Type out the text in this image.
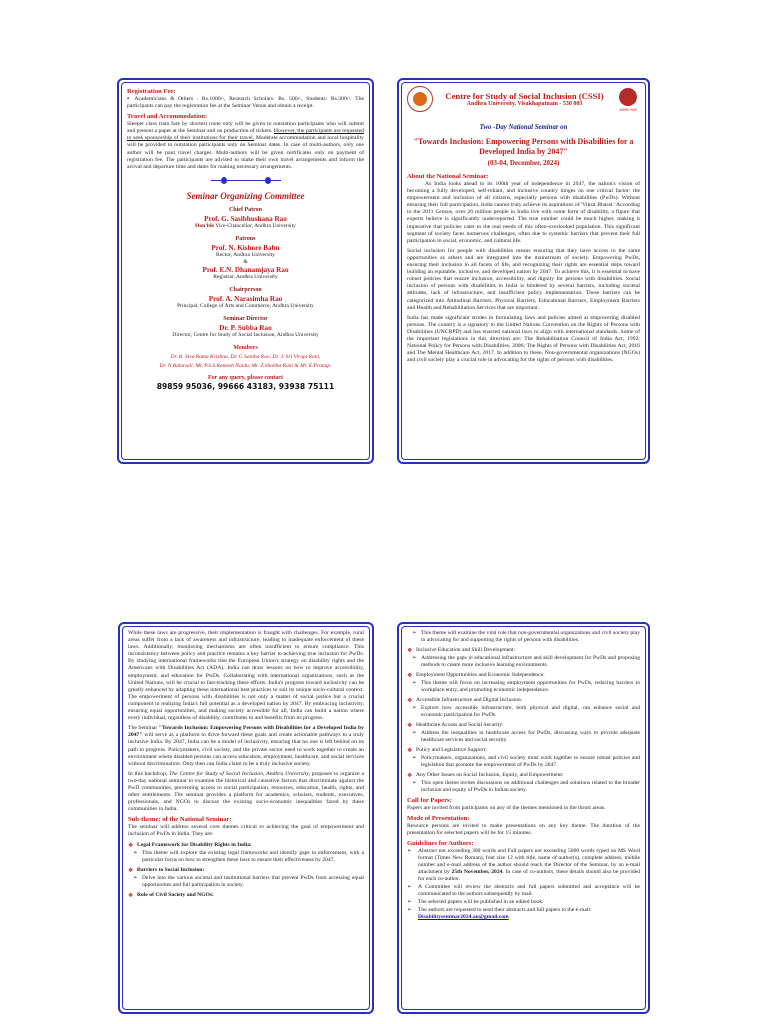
Registration Fee:
▪ Academicians & Others : Rs.1000/-, Research Scholars: Rs. 500/-, Students: Rs.300/-. The participants can pay the registration fee at the Seminar Venue and obtain a receipt.
Travel and Accommodation:
Sleeper class train fare by shortest route only will be given to outstation participants who will submit and present a paper at the Seminar and on production of tickets. However, the participants are requested to seek sponsorship of their institutions for their travel. Moderate accommodation and local hospitality will be provided to outstation participants only on Seminar dates. In case of multi-authors, only one author will be paid travel charges. Multi-authors will be given certificates only on payment of registration fee. The participants are advised to make their own travel arrangements and inform the arrival and departure time and dates for making necessary arrangements.
Seminar Organizing Committee
Chief Patron
Prof. G. Sasibhushana Rao
Hon'ble Vice-Chancellor, Andhra University
Patrons
Prof. N. Kishore Babu
Rector, Andhra University
&
Prof. E.N. Dhanamjaya Rao
Registrar, Andhra University
Chairperson
Prof. A. Narasimha Rao
Principal, College of Arts and Commerce, Andhra University
Seminar Director
Dr. P. Subba Rao
Director, Centre for Study of Social Inclusion, Andhra University
Members
Dr. B. Siva Rama Krishna, Dr. G Santha Rao, Dr. J. Sri Viraja Rani,
Dr. N.Babavali, Mr. P.S.S.Ramesh Naidu, Mr. Z.Shobha Rani & Mr. E.Pranup.
For any query, please contact
89859 95036, 99666 43183, 93938 75111
Centre for Study of Social Inclusion (CSSI)
Andhra University, Visakhapatnam - 530 003
सत्यमेव जयते
Two -Day National Seminar on
"Towards Inclusion: Empowering Persons with Disabilities for a Developed India by 2047"
(03-04, December, 2024)
About the National Seminar:
As India looks ahead to its 100th year of independence in 2047, the nation's vision of becoming a fully developed, self-reliant, and inclusive country hinges on one critical factor: the empowerment and inclusion of all citizens, especially persons with disabilities (PwDs). Without ensuring their full participation, India cannot truly achieve its aspirations of 'Viksit Bharat.' According to the 2011 Census, over 26 million people in India live with some form of disability, a figure that experts believe is significantly underreported. The true number could be much higher, making it imperative that policies cater to the real needs of this often-overlooked population. This significant segment of society faces numerous challenges, often due to systemic barriers that prevent their full participation in social, economic, and cultural life.
Social inclusion for people with disabilities means ensuring that they have access to the same opportunities as others and are integrated into the mainstream of society. Empowering PwDs, ensuring their inclusion in all facets of life, and recognizing their rights are essential steps toward building an equitable, inclusive, and developed nation by 2047. To achieve this, it is essential to have robust policies that ensure inclusion, accessibility, and dignity for persons with disabilities. Social inclusion of persons with disabilities in India is hindered by several barriers, including societal attitudes, lack of infrastructure, and insufficient policy implementation. These barriers can be categorized into Attitudinal Barriers, Physical Barriers, Educational Barriers, Employment Barriers and Health and Rehabilitation Services that are important.
India has made significant strides in formulating laws and policies aimed at empowering disabled persons. The country is a signatory to the United Nations Convention on the Rights of Persons with Disabilities (UNCRPD) and has enacted national laws to align with international standards. Some of the important legislations in this direction are: The Rehabilitation Council of India Act, 1992; National Policy for Persons with Disabilities, 2006; The Rights of Persons with Disabilities Act, 2016 and The Mental Healthcare Act, 2017. In addition to these, Non-governmental organizations (NGOs) and civil society play a crucial role in advocating for the rights of persons with disabilities.
While these laws are progressive, their implementation is fraught with challenges. For example, rural areas suffer from a lack of awareness and infrastructure, leading to inadequate enforcement of these laws. Additionally, monitoring mechanisms are often insufficient to ensure compliance. This inconsistency between policy and practice remains a key barrier to achieving true inclusion for PwDs. By studying international frameworks like the European Union's strategy on disability rights and the Americans with Disabilities Act (ADA), India can draw lessons on how to improve accessibility, employment, and education for PwDs. Collaborating with international organizations, such as the United Nations, will be crucial to fast-tracking these efforts. India's progress toward inclusivity can be greatly enhanced by adapting these international best practices to suit its unique socio-cultural context. The empowerment of persons with disabilities is not only a matter of social justice but a crucial component in realizing India's full potential as a developed nation by 2047. By embracing inclusivity, ensuring equal opportunities, and making society accessible for all, India can build a nation where every individual, regardless of disability, contributes to and benefits from its progress.
The Seminar "Towards Inclusion: Empowering Persons with Disabilities for a Developed India by 2047" will serve as a platform to drive forward these goals and create actionable pathways to a truly inclusive India. By 2047, India can be a model of inclusivity, ensuring that no one is left behind on its path to progress. Policymakers, civil society, and the private sector need to work together to create an environment where disabled persons can access education, employment, healthcare, and social services without discrimination. Only then can India claim to be a truly inclusive society.
In this backdrop, The Centre for Study of Social Inclusion, Andhra University, proposes to organize a two-day national seminar to examine the historical and causative factors that discriminate against the PwD communities, preventing access to social participation, resources, education, health, rights, and other entitlements. The seminar provides a platform for academics, scholars, students, executives, professionals, and NGOs to discuss the existing socio-economic inequalities faced by these communities in India.
Sub-theme: of the National Seminar:
The seminar will address several core themes critical to achieving the goal of empowerment and inclusion of PwDs in India. They are:
❖ Legal Framework for Disability Rights in India:
➢ This theme will explore the existing legal frameworks and identify gaps in enforcement, with a particular focus on how to strengthen these laws to ensure their effectiveness by 2047.
❖ Barriers to Social Inclusion:
➢ Delve into the various societal and institutional barriers that prevent PwDs from accessing equal opportunities and full participation in society.
❖ Role of Civil Society and NGOs:
➢ This theme will examine the vital role that non-governmental organizations and civil society play in advocating for and supporting the rights of persons with disabilities.
❖ Inclusive Education and Skill Development:
➢ Addressing the gaps in educational infrastructure and skill development for PwDs and proposing methods to create more inclusive learning environments.
❖ Employment Opportunities and Economic Independence:
➢ This theme will focus on increasing employment opportunities for PwDs, reducing barriers to workplace entry, and promoting economic independence.
❖ Accessible Infrastructure and Digital Inclusion:
➢ Explore how accessible infrastructure, both physical and digital, can enhance social and economic participation for PwDs.
❖ Healthcare Access and Social Security:
➢ Address the inequalities in healthcare access for PwDs, discussing ways to provide adequate healthcare services and social security.
❖ Policy and Legislative Support:
➢ Policymakers, organizations, and civil society must work together to ensure robust policies and legislation that promote the empowerment of PwDs by 2047.
❖ Any Other Issues on Social Inclusion, Equity, and Empowerment:
➢ This open theme invites discussions on additional challenges and solutions related to the broader inclusion and equity of PwDs in Indian society.
Call for Papers:
Papers are invited from participants on any of the themes mentioned in the thrust areas.
Mode of Presentation:
Resource persons are invited to make presentations on any key theme. The duration of the presentation for selected papers will be for 15 minutes.
Guidelines for Authors:
➢ Abstract not exceeding 300 words and Full papers not exceeding 5000 words typed on MS Word format (Times New Roman), font size 12 with title, name of author(s), complete address, mobile number and e-mail address of the author should reach the Director of the Seminar, by an e-mail attachment by 25th November, 2024. In case of co-authors, these details should also be provided for each co-author.
➢ A Committee will review the abstracts and full papers submitted and acceptance will be communicated to the authors subsequently by mail.
➢ The selected papers will be published in an edited book.
➢ The authors are requested to send their abstracts and full papers to the e-mail:
Disabilityseminar2024.au@gmail.com
